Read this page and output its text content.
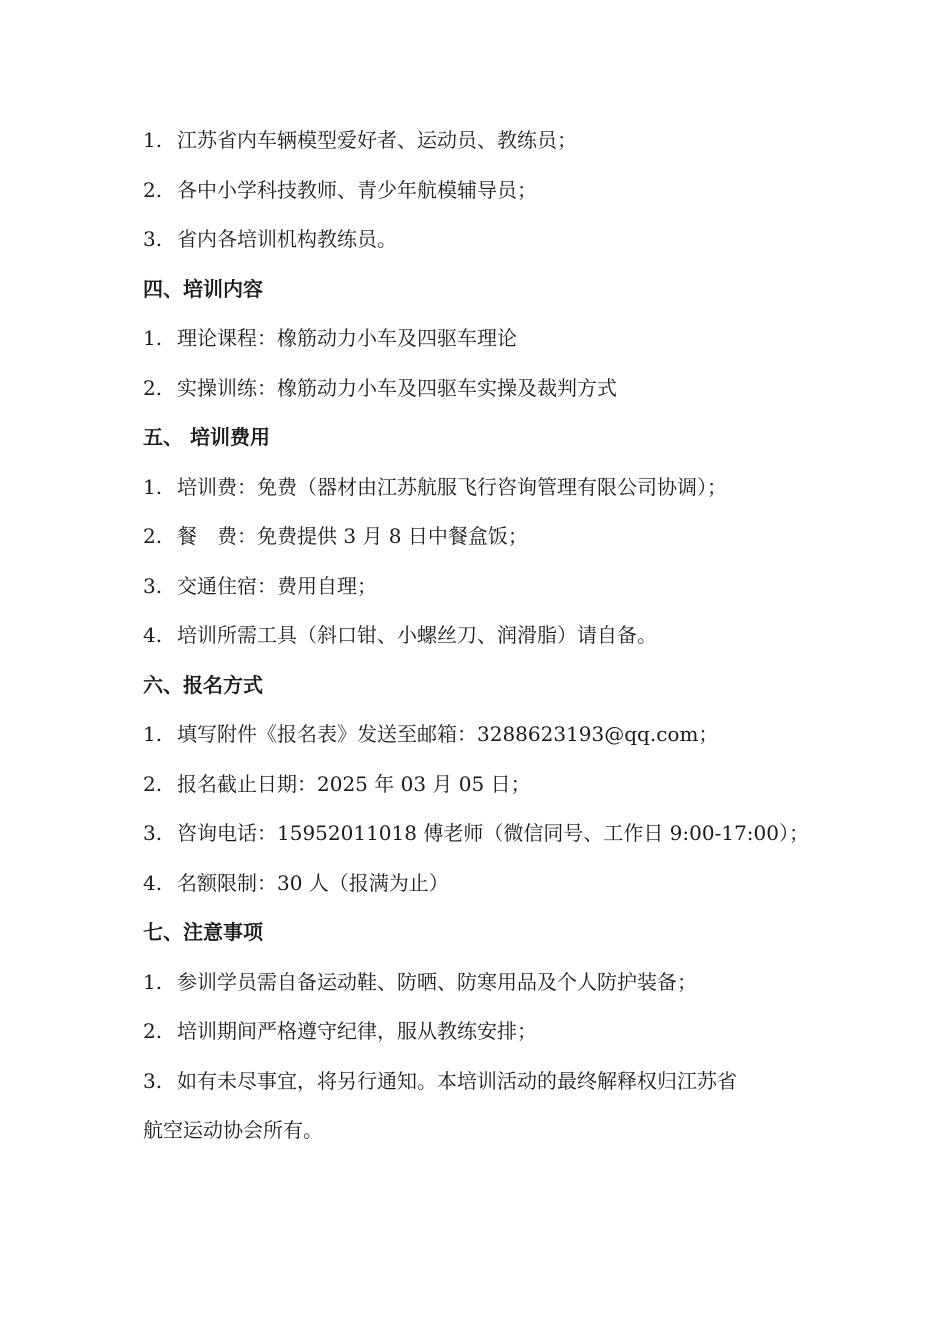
1. 江苏省内车辆模型爱好者、运动员、教练员；
2. 各中小学科技教师、青少年航模辅导员；
3. 省内各培训机构教练员。
四、培训内容
1. 理论课程：橡筋动力小车及四驱车理论
2. 实操训练：橡筋动力小车及四驱车实操及裁判方式
五、 培训费用
1. 培训费：免费（器材由江苏航服飞行咨询管理有限公司协调）；
2. 餐　费：免费提供 3 月 8 日中餐盒饭；
3. 交通住宿：费用自理；
4. 培训所需工具（斜口钳、小螺丝刀、润滑脂）请自备。
六、报名方式
1. 填写附件《报名表》发送至邮箱：3288623193@qq.com；
2. 报名截止日期：2025 年 03 月 05 日；
3. 咨询电话：15952011018 傅老师（微信同号、工作日 9:00-17:00）；
4. 名额限制：30 人（报满为止）
七、注意事项
1. 参训学员需自备运动鞋、防晒、防寒用品及个人防护装备；
2. 培训期间严格遵守纪律，服从教练安排；
3. 如有未尽事宜，将另行通知。本培训活动的最终解释权归江苏省
航空运动协会所有。
